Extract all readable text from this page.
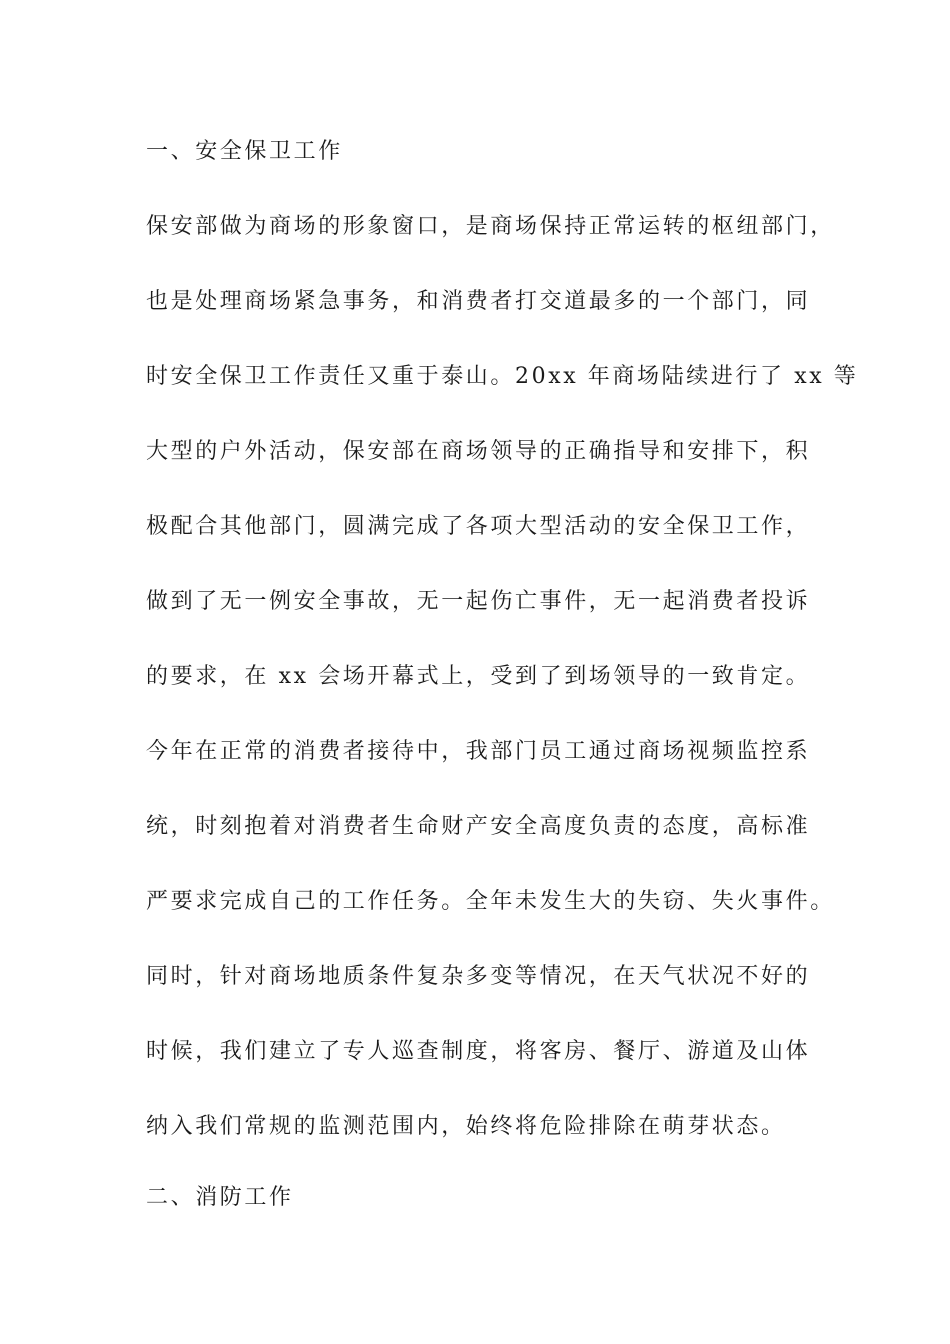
一、安全保卫工作
保安部做为商场的形象窗口，是商场保持正常运转的枢纽部门，
也是处理商场紧急事务，和消费者打交道最多的一个部门，同
时安全保卫工作责任又重于泰山。20xx 年商场陆续进行了 xx 等
大型的户外活动，保安部在商场领导的正确指导和安排下，积
极配合其他部门，圆满完成了各项大型活动的安全保卫工作，
做到了无一例安全事故，无一起伤亡事件，无一起消费者投诉
的要求，在 xx 会场开幕式上，受到了到场领导的一致肯定。
今年在正常的消费者接待中，我部门员工通过商场视频监控系
统，时刻抱着对消费者生命财产安全高度负责的态度，高标准
严要求完成自己的工作任务。全年未发生大的失窃、失火事件。
同时，针对商场地质条件复杂多变等情况，在天气状况不好的
时候，我们建立了专人巡查制度，将客房、餐厅、游道及山体
纳入我们常规的监测范围内，始终将危险排除在萌芽状态。
二、消防工作
